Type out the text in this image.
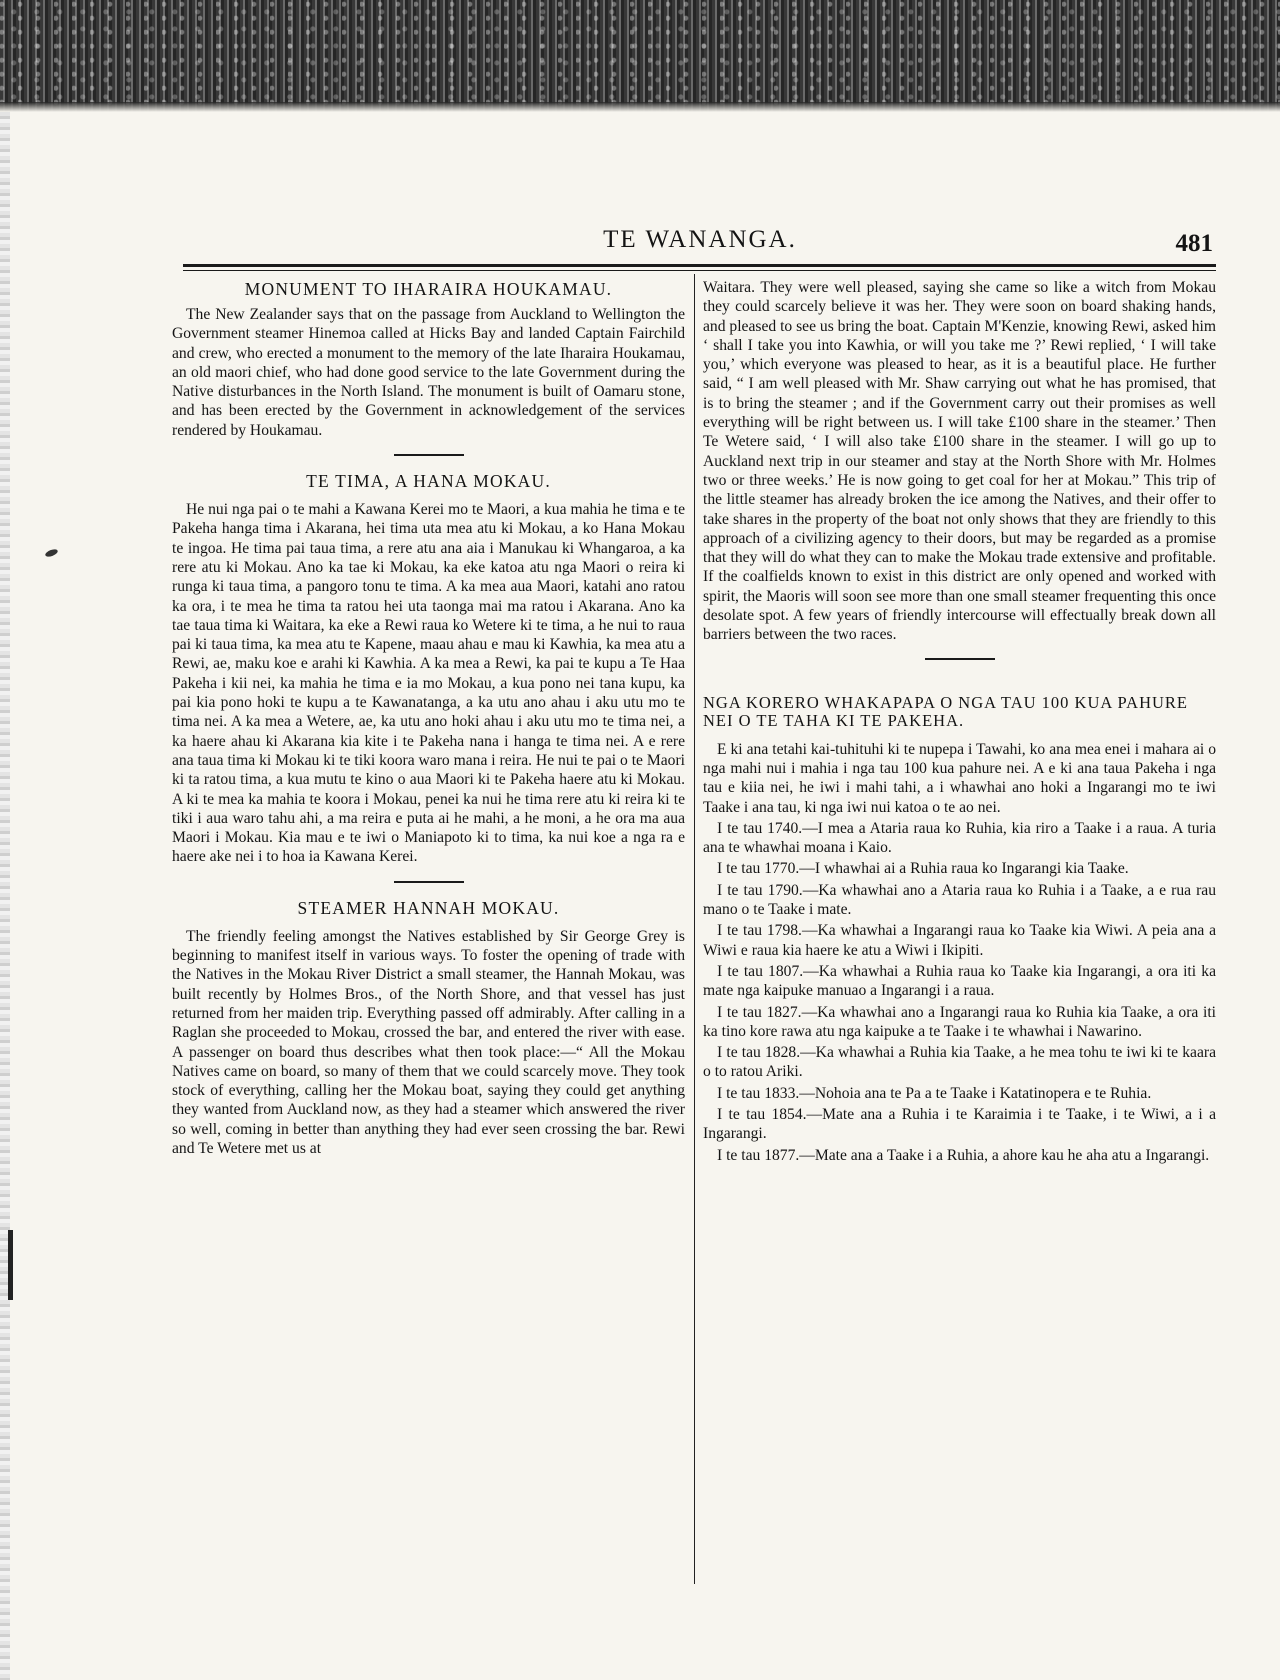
TE WANANGA.	481
MONUMENT TO IHARAIRA HOUKAMAU.

The New Zealander says that on the passage from Auckland to Wellington the Government steamer Hinemoa called at Hicks Bay and landed Captain Fairchild and crew, who erected a monument to the memory of the late Iharaira Houkamau, an old maori chief, who had done good service to the late Government during the Native disturbances in the North Island. The monument is built of Oamaru stone, and has been erected by the Government in acknowledgement of the services rendered by Houkamau.

TE TIMA, A HANA MOKAU.

He nui nga pai o te mahi a Kawana Kerei mo te Maori, a kua mahia he tima e te Pakeha hanga tima i Akarana, hei tima uta mea atu ki Mokau, a ko Hana Mokau te ingoa. He tima pai taua tima, a rere atu ana aia i Manukau ki Whangaroa, a ka rere atu ki Mokau. Ano ka tae ki Mokau, ka eke katoa atu nga Maori o reira ki runga ki taua tima, a pangoro tonu te tima. A ka mea aua Maori, katahi ano ratou ka ora, i te mea he tima ta ratou hei uta taonga mai ma ratou i Akarana. Ano ka tae taua tima ki Waitara, ka eke a Rewi raua ko Wetere ki te tima, a he nui to raua pai ki taua tima, ka mea atu te Kapene, maau ahau e mau ki Kawhia, ka mea atu a Rewi, ae, maku koe e arahi ki Kawhia. A ka mea a Rewi, ka pai te kupu a Te Haa Pakeha i kii nei, ka mahia he tima e ia mo Mokau, a kua pono nei tana kupu, ka pai kia pono hoki te kupu a te Kawanatanga, a ka utu ano ahau i aku utu mo te tima nei. A ka mea a Wetere, ae, ka utu ano hoki ahau i aku utu mo te tima nei, a ka haere ahau ki Akarana kia kite i te Pakeha nana i hanga te tima nei. A e rere ana taua tima ki Mokau ki te tiki koora waro mana i reira. He nui te pai o te Maori ki ta ratou tima, a kua mutu te kino o aua Maori ki te Pakeha haere atu ki Mokau. A ki te mea ka mahia te koora i Mokau, penei ka nui he tima rere atu ki reira ki te tiki i aua waro tahu ahi, a ma reira e puta ai he mahi, a he moni, a he ora ma aua Maori i Mokau. Kia mau e te iwi o Maniapoto ki to tima, ka nui koe a nga ra e haere ake nei i to hoa ia Kawana Kerei.

STEAMER HANNAH MOKAU.

The friendly feeling amongst the Natives established by Sir George Grey is beginning to manifest itself in various ways. To foster the opening of trade with the Natives in the Mokau River District a small steamer, the Hannah Mokau, was built recently by Holmes Bros., of the North Shore, and that vessel has just returned from her maiden trip. Everything passed off admirably. After calling in a Raglan she proceeded to Mokau, crossed the bar, and entered the river with ease. A passenger on board thus describes what then took place:—“ All the Mokau Natives came on board, so many of them that we could scarcely move. They took stock of everything, calling her the Mokau boat, saying they could get anything they wanted from Auckland now, as they had a steamer which answered the river so well, coming in better than anything they had ever seen crossing the bar. Rewi and Te Wetere met us at

Waitara. They were well pleased, saying she came so like a witch from Mokau they could scarcely believe it was her. They were soon on board shaking hands, and pleased to see us bring the boat. Captain M'Kenzie, knowing Rewi, asked him ‘ shall I take you into Kawhia, or will you take me ?’ Rewi replied, ‘ I will take you,’ which everyone was pleased to hear, as it is a beautiful place. He further said, “ I am well pleased with Mr. Shaw carrying out what he has promised, that is to bring the steamer ; and if the Government carry out their promises as well everything will be right between us. I will take £100 share in the steamer.’ Then Te Wetere said, ‘ I will also take £100 share in the steamer. I will go up to Auckland next trip in our steamer and stay at the North Shore with Mr. Holmes two or three weeks.’ He is now going to get coal for her at Mokau.” This trip of the little steamer has already broken the ice among the Natives, and their offer to take shares in the property of the boat not only shows that they are friendly to this approach of a civilizing agency to their doors, but may be regarded as a promise that they will do what they can to make the Mokau trade extensive and profitable. If the coalfields known to exist in this district are only opened and worked with spirit, the Maoris will soon see more than one small steamer frequenting this once desolate spot. A few years of friendly intercourse will effectually break down all barriers between the two races.

NGA KORERO WHAKAPAPA O NGA TAU 100 KUA PAHURE NEI O TE TAHA KI TE PAKEHA.

E ki ana tetahi kai-tuhituhi ki te nupepa i Tawahi, ko ana mea enei i mahara ai o nga mahi nui i mahia i nga tau 100 kua pahure nei. A e ki ana taua Pakeha i nga tau e kiia nei, he iwi i mahi tahi, a i whawhai ano hoki a Ingarangi mo te iwi Taake i ana tau, ki nga iwi nui katoa o te ao nei.

I te tau 1740.—I mea a Ataria raua ko Ruhia, kia riro a Taake i a raua. A turia ana te whawhai moana i Kaio.

I te tau 1770.—I whawhai ai a Ruhia raua ko Ingarangi kia Taake.

I te tau 1790.—Ka whawhai ano a Ataria raua ko Ruhia i a Taake, a e rua rau mano o te Taake i mate.

I te tau 1798.—Ka whawhai a Ingarangi raua ko Taake kia Wiwi. A peia ana a Wiwi e raua kia haere ke atu a Wiwi i Ikipiti.

I te tau 1807.—Ka whawhai a Ruhia raua ko Taake kia Ingarangi, a ora iti ka mate nga kaipuke manuao a Ingarangi i a raua.

I te tau 1827.—Ka whawhai ano a Ingarangi raua ko Ruhia kia Taake, a ora iti ka tino kore rawa atu nga kaipuke a te Taake i te whawhai i Nawarino.

I te tau 1828.—Ka whawhai a Ruhia kia Taake, a he mea tohu te iwi ki te kaara o to ratou Ariki.

I te tau 1833.—Nohoia ana te Pa a te Taake i Katatinopera e te Ruhia.

I te tau 1854.—Mate ana a Ruhia i te Karaimia i te Taake, i te Wiwi, a i a Ingarangi.

I te tau 1877.—Mate ana a Taake i a Ruhia, a ahore kau he aha atu a Ingarangi.
